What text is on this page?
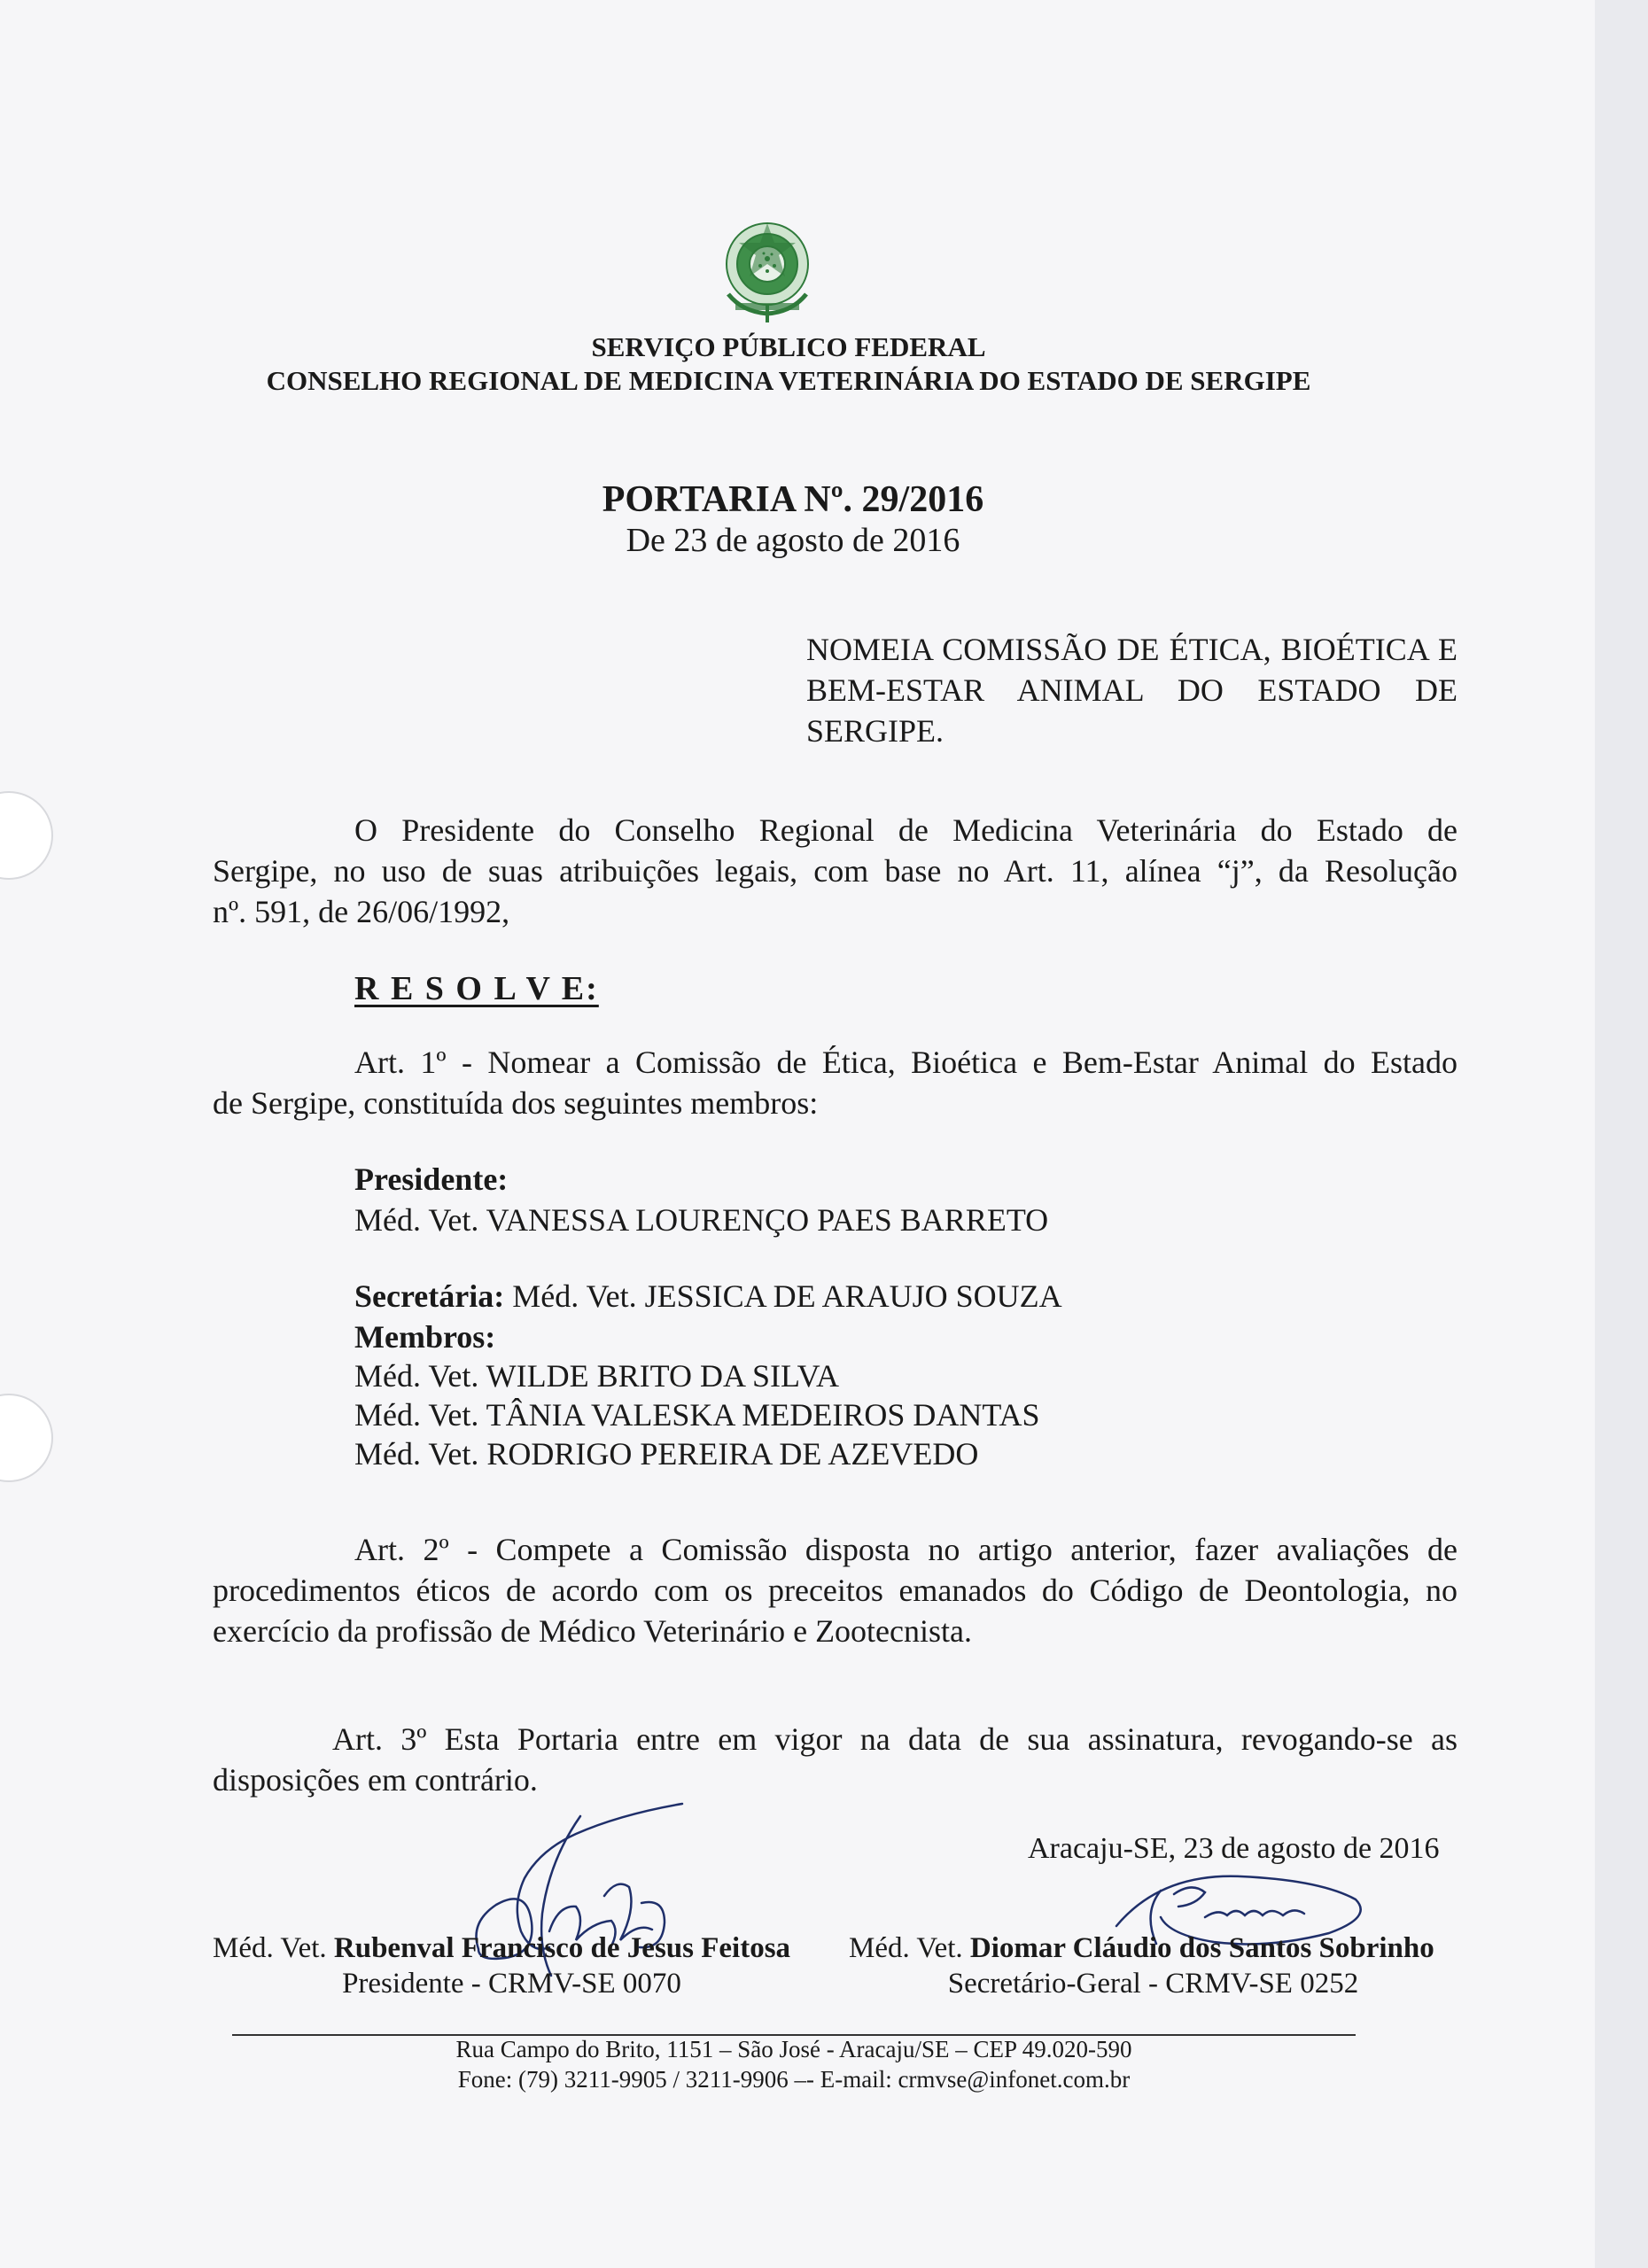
SERVIÇO PÚBLICO FEDERAL
CONSELHO REGIONAL DE MEDICINA VETERINÁRIA DO ESTADO DE SERGIPE
PORTARIA Nº. 29/2016
De 23 de agosto de 2016
NOMEIA COMISSÃO DE ÉTICA, BIOÉTICA E
BEM-ESTAR ANIMAL DO ESTADO DE
SERGIPE.
O Presidente do Conselho Regional de Medicina Veterinária do Estado de
Sergipe, no uso de suas atribuições legais, com base no Art. 11, alínea “j”, da Resolução
nº. 591, de 26/06/1992,
R E S O L V E:
Art. 1º - Nomear a Comissão de Ética, Bioética e Bem-Estar Animal do Estado
de Sergipe, constituída dos seguintes membros:
Presidente:
Méd. Vet. VANESSA LOURENÇO PAES BARRETO
Secretária: Méd. Vet. JESSICA DE ARAUJO SOUZA
Membros:
Méd. Vet. WILDE BRITO DA SILVA
Méd. Vet. TÂNIA VALESKA MEDEIROS DANTAS
Méd. Vet. RODRIGO PEREIRA DE AZEVEDO
Art. 2º - Compete a Comissão disposta no artigo anterior, fazer avaliações de
procedimentos éticos de acordo com os preceitos emanados do Código de Deontologia, no
exercício da profissão de Médico Veterinário e Zootecnista.
Art. 3º Esta Portaria entre em vigor na data de sua assinatura, revogando-se as
disposições em contrário.
Aracaju-SE, 23 de agosto de 2016
Méd. Vet. Rubenval Francisco de Jesus Feitosa
Presidente - CRMV-SE 0070
Méd. Vet. Diomar Cláudio dos Santos Sobrinho
Secretário-Geral - CRMV-SE 0252
Rua Campo do Brito, 1151 – São José - Aracaju/SE – CEP 49.020-590
Fone: (79) 3211-9905 / 3211-9906 –- E-mail: crmvse@infonet.com.br
